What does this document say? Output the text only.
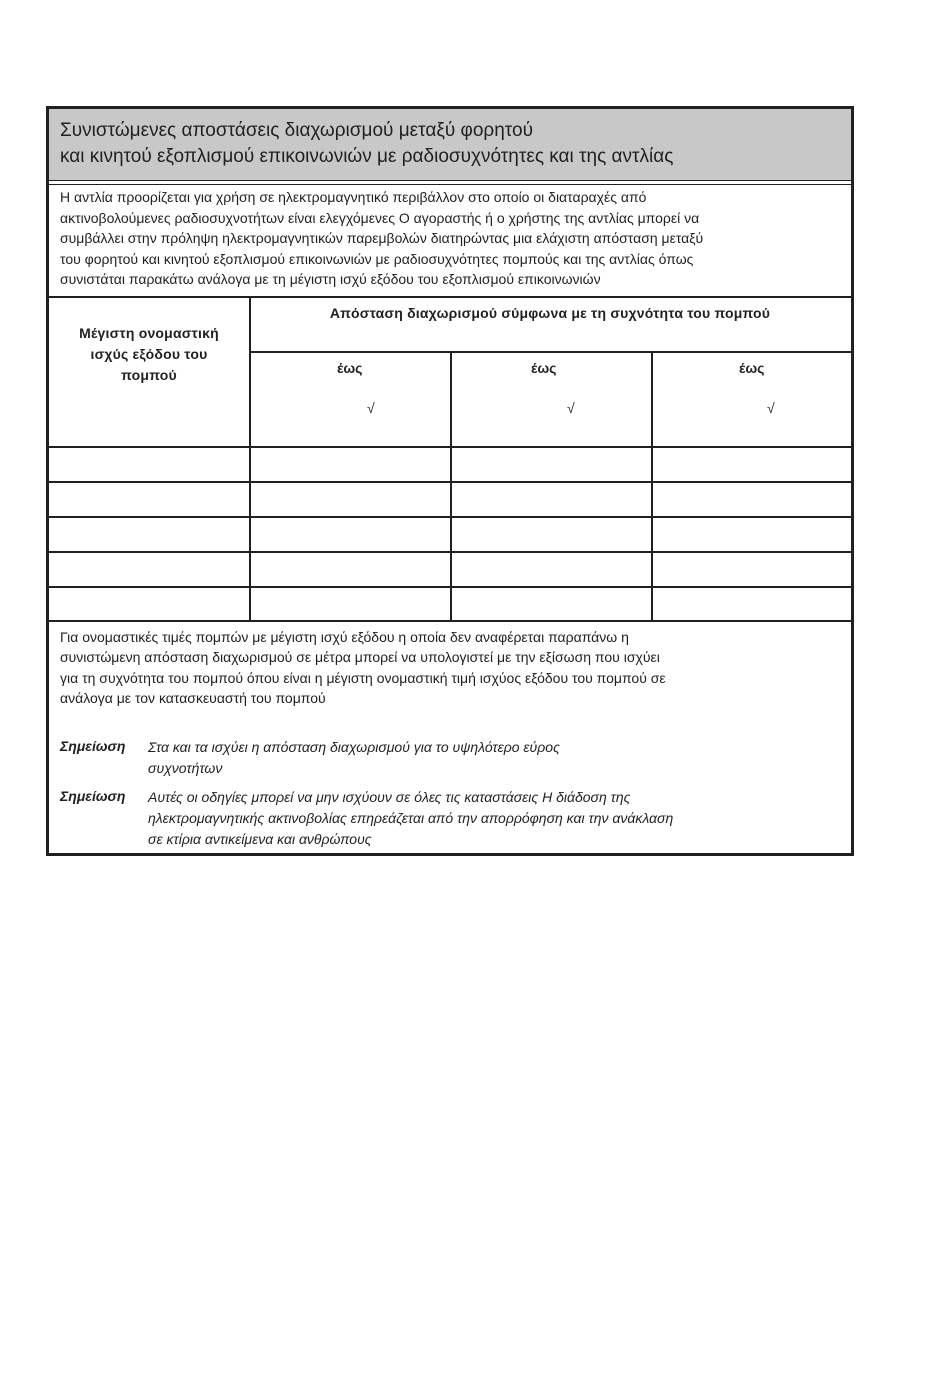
Συνιστώμενες αποστάσεις διαχωρισμού μεταξύ φορητού
και κινητού εξοπλισμού επικοινωνιών με ραδιοσυχνότητες και της αντλίας
Η αντλία προορίζεται για χρήση σε ηλεκτρομαγνητικό περιβάλλον στο οποίο οι διαταραχές από
ακτινοβολούμενες ραδιοσυχνοτήτων είναι ελεγχόμενες Ο αγοραστής ή ο χρήστης της αντλίας μπορεί να
συμβάλλει στην πρόληψη ηλεκτρομαγνητικών παρεμβολών διατηρώντας μια ελάχιστη απόσταση μεταξύ
του φορητού και κινητού εξοπλισμού επικοινωνιών με ραδιοσυχνότητες πομπούς και της αντλίας όπως
συνιστάται παρακάτω ανάλογα με τη μέγιστη ισχύ εξόδου του εξοπλισμού επικοινωνιών
Μέγιστη ονομαστική
ισχύς εξόδου του
πομπού
Απόσταση διαχωρισμού σύμφωνα με τη συχνότητα του πομπού
έως	έως	έως
√	√	√
Για ονομαστικές τιμές πομπών με μέγιστη ισχύ εξόδου η οποία δεν αναφέρεται παραπάνω η
συνιστώμενη απόσταση διαχωρισμού σε μέτρα μπορεί να υπολογιστεί με την εξίσωση που ισχύει
για τη συχνότητα του πομπού όπου είναι η μέγιστη ονομαστική τιμή ισχύος εξόδου του πομπού σε
ανάλογα με τον κατασκευαστή του πομπού
Σημείωση Στα και τα ισχύει η απόσταση διαχωρισμού για το υψηλότερο εύρος
συχνοτήτων
Σημείωση Αυτές οι οδηγίες μπορεί να μην ισχύουν σε όλες τις καταστάσεις Η διάδοση της
ηλεκτρομαγνητικής ακτινοβολίας επηρεάζεται από την απορρόφηση και την ανάκλαση
σε κτίρια αντικείμενα και ανθρώπους
